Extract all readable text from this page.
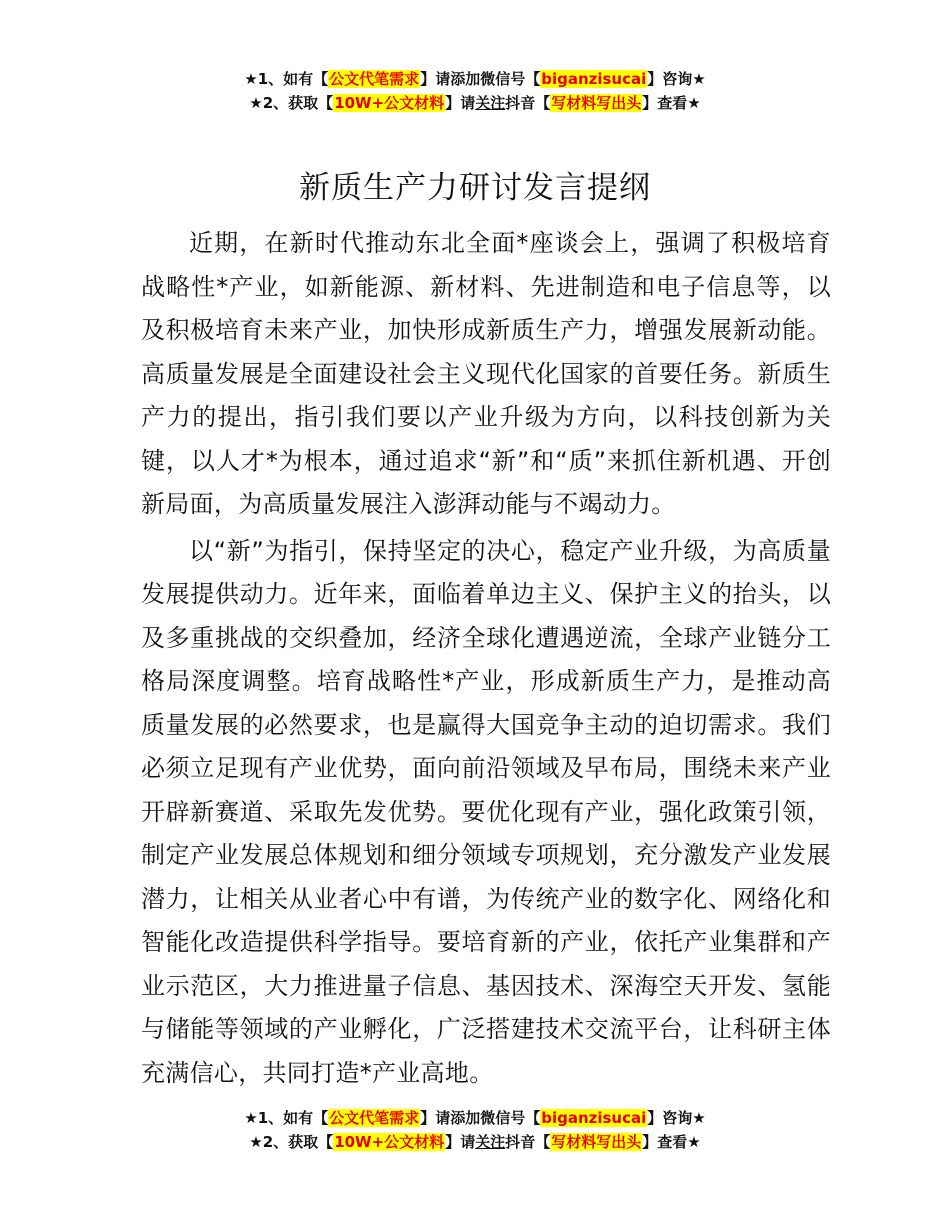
★1、如有【公文代笔需求】请添加微信号【biganzisucai】咨询★
★2、获取【10W+公文材料】请关注抖音【写材料写出头】查看★
新质生产力研讨发言提纲

近期，在新时代推动东北全面*座谈会上，强调了积极培育战略性*产业，如新能源、新材料、先进制造和电子信息等，以及积极培育未来产业，加快形成新质生产力，增强发展新动能。高质量发展是全面建设社会主义现代化国家的首要任务。新质生产力的提出，指引我们要以产业升级为方向，以科技创新为关键，以人才*为根本，通过追求“新”和“质”来抓住新机遇、开创新局面，为高质量发展注入澎湃动能与不竭动力。

以“新”为指引，保持坚定的决心，稳定产业升级，为高质量发展提供动力。近年来，面临着单边主义、保护主义的抬头，以及多重挑战的交织叠加，经济全球化遭遇逆流，全球产业链分工格局深度调整。培育战略性*产业，形成新质生产力，是推动高质量发展的必然要求，也是赢得大国竞争主动的迫切需求。我们必须立足现有产业优势，面向前沿领域及早布局，围绕未来产业开辟新赛道、采取先发优势。要优化现有产业，强化政策引领，制定产业发展总体规划和细分领域专项规划，充分激发产业发展潜力，让相关从业者心中有谱，为传统产业的数字化、网络化和智能化改造提供科学指导。要培育新的产业，依托产业集群和产业示范区，大力推进量子信息、基因技术、深海空天开发、氢能与储能等领域的产业孵化，广泛搭建技术交流平台，让科研主体充满信心，共同打造*产业高地。

★1、如有【公文代笔需求】请添加微信号【biganzisucai】咨询★
★2、获取【10W+公文材料】请关注抖音【写材料写出头】查看★
